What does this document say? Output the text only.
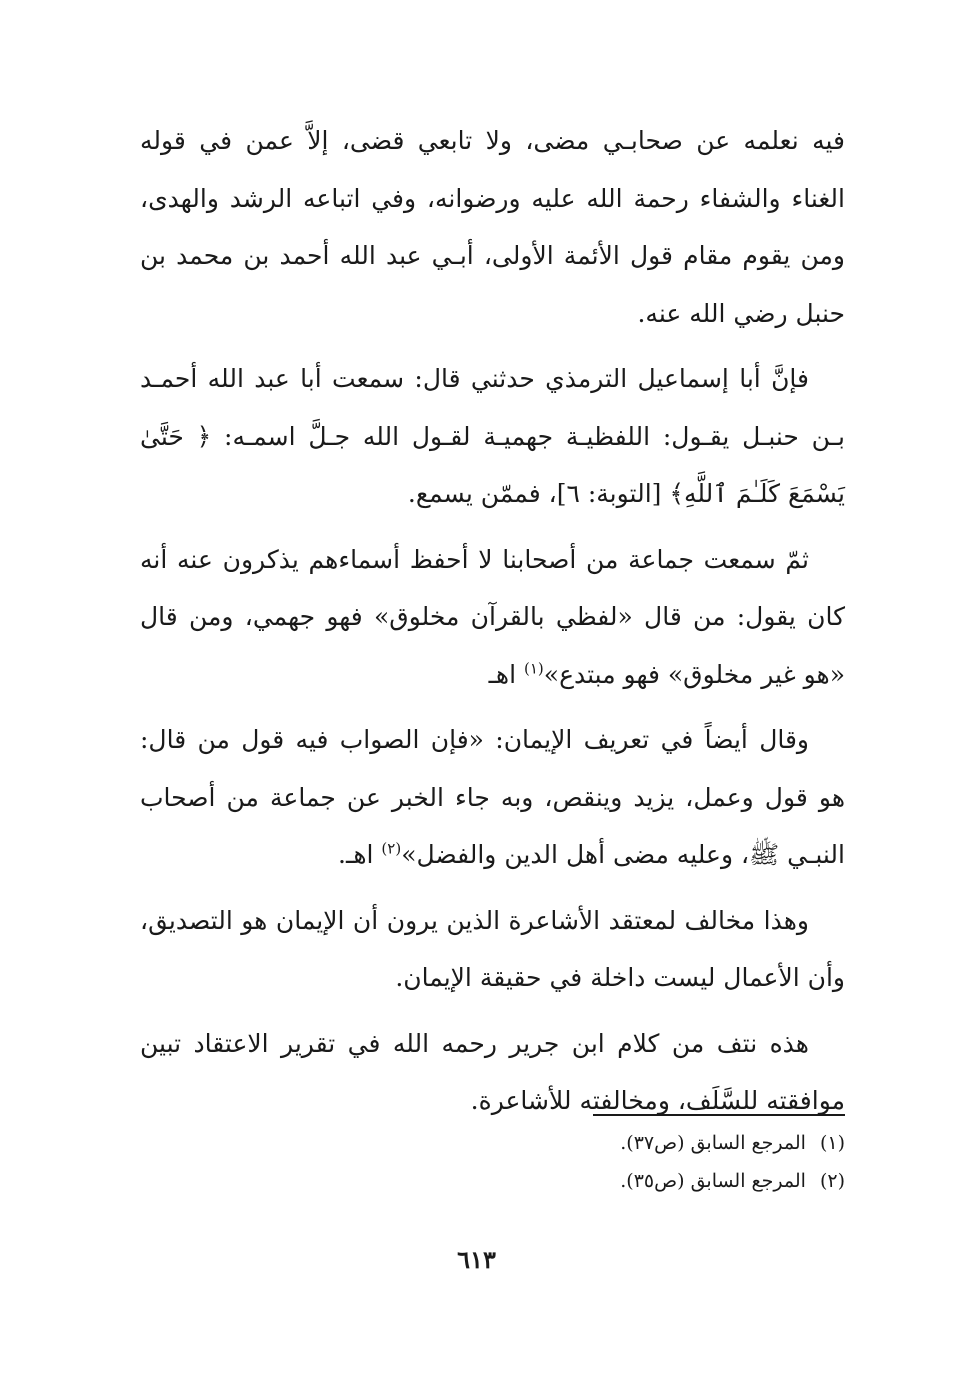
فيه نعلمه عن صحابـي مضى، ولا تابعي قضى، إلاَّ عمن في قوله الغناء والشفاء رحمة الله عليه ورضوانه، وفي اتباعه الرشد والهدى، ومن يقوم مقام قول الأئمة الأولى، أبـي عبد الله أحمد بن محمد بن حنبل رضي الله عنه.

فإنَّ أبا إسماعيل الترمذي حدثني قال: سمعت أبا عبد الله أحمـد بـن حنبـل يقـول: اللفظيـة جهميـة لقـول الله جـلَّ اسمـه: ﴿ حَتَّىٰ يَسْمَعَ كَلَـٰمَ ٱللَّهِ﴾ [التوبة: ٦]، فممّن يسمع.

ثمّ سمعت جماعة من أصحابنا لا أحفظ أسماءهم يذكرون عنه أنه كان يقول: من قال «لفظي بالقرآن مخلوق» فهو جهمي، ومن قال «هو غير مخلوق» فهو مبتدع»$^{(١)}$ اهـ

وقال أيضاً في تعريف الإيمان: «فإن الصواب فيه قول من قال: هو قول وعمل، يزيد وينقص، وبه جاء الخبر عن جماعة من أصحاب النبـي ﷺ، وعليه مضى أهل الدين والفضل»$^{(٢)}$ اهـ.

وهذا مخالف لمعتقد الأشاعرة الذين يرون أن الإيمان هو التصديق، وأن الأعمال ليست داخلة في حقيقة الإيمان.

هذه نتف من كلام ابن جرير رحمه الله في تقرير الاعتقاد تبين موافقته للسَّلَف، ومخالفته للأشاعرة.

(١)المرجع السابق (ص٣٧).

(٢)المرجع السابق (ص٣٥).

٦١٣
